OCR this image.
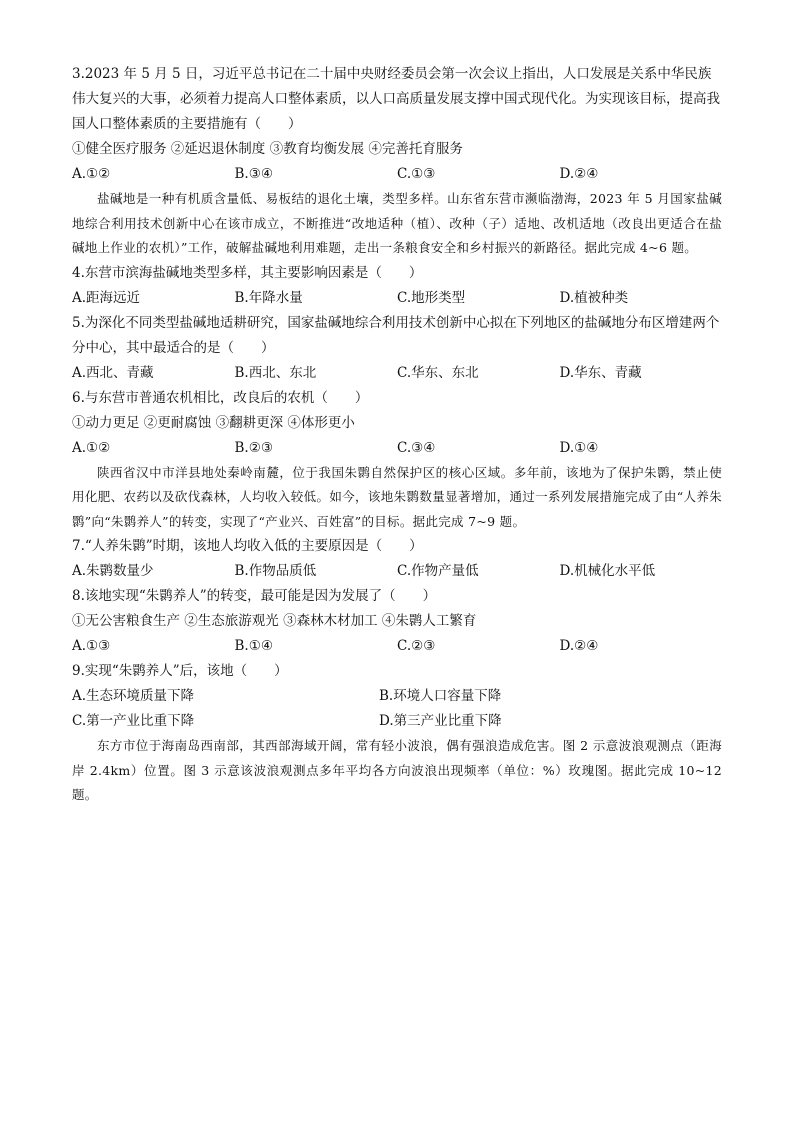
3.2023 年 5 月 5 日，习近平总书记在二十届中央财经委员会第一次会议上指出，人口发展是关系中华民族伟大复兴的大事，必须着力提高人口整体素质，以人口高质量发展支撑中国式现代化。为实现该目标，提高我国人口整体素质的主要措施有（　　）
①健全医疗服务 ②延迟退休制度 ③教育均衡发展 ④完善托育服务
A.①②	B.③④	C.①③	D.②④
盐碱地是一种有机质含量低、易板结的退化土壤，类型多样。山东省东营市濒临渤海，2023 年 5 月国家盐碱地综合利用技术创新中心在该市成立，不断推进“改地适种（植）、改种（子）适地、改机适地（改良出更适合在盐碱地上作业的农机）”工作，破解盐碱地利用难题，走出一条粮食安全和乡村振兴的新路径。据此完成 4~6 题。
4.东营市滨海盐碱地类型多样，其主要影响因素是（　　）
A.距海远近	B.年降水量	C.地形类型	D.植被种类
5.为深化不同类型盐碱地适耕研究，国家盐碱地综合利用技术创新中心拟在下列地区的盐碱地分布区增建两个分中心，其中最适合的是（　　）
A.西北、青藏	B.西北、东北	C.华东、东北	D.华东、青藏
6.与东营市普通农机相比，改良后的农机（　　）
①动力更足 ②更耐腐蚀 ③翻耕更深 ④体形更小
A.①②	B.②③	C.③④	D.①④
陕西省汉中市洋县地处秦岭南麓，位于我国朱鹮自然保护区的核心区域。多年前，该地为了保护朱鹮，禁止使用化肥、农药以及砍伐森林，人均收入较低。如今，该地朱鹮数量显著增加，通过一系列发展措施完成了由“人养朱鹮”向“朱鹮养人”的转变，实现了“产业兴、百姓富”的目标。据此完成 7~9 题。
7.“人养朱鹮”时期，该地人均收入低的主要原因是（　　）
A.朱鹮数量少	B.作物品质低	C.作物产量低	D.机械化水平低
8.该地实现“朱鹮养人”的转变，最可能是因为发展了（　　）
①无公害粮食生产 ②生态旅游观光 ③森林木材加工 ④朱鹮人工繁育
A.①③	B.①④	C.②③	D.②④
9.实现“朱鹮养人”后，该地（　　）
A.生态环境质量下降	B.环境人口容量下降
C.第一产业比重下降	D.第三产业比重下降
东方市位于海南岛西南部，其西部海域开阔，常有轻小波浪，偶有强浪造成危害。图 2 示意波浪观测点（距海岸 2.4km）位置。图 3 示意该波浪观测点多年平均各方向波浪出现频率（单位：%）玫瑰图。据此完成 10~12 题。
